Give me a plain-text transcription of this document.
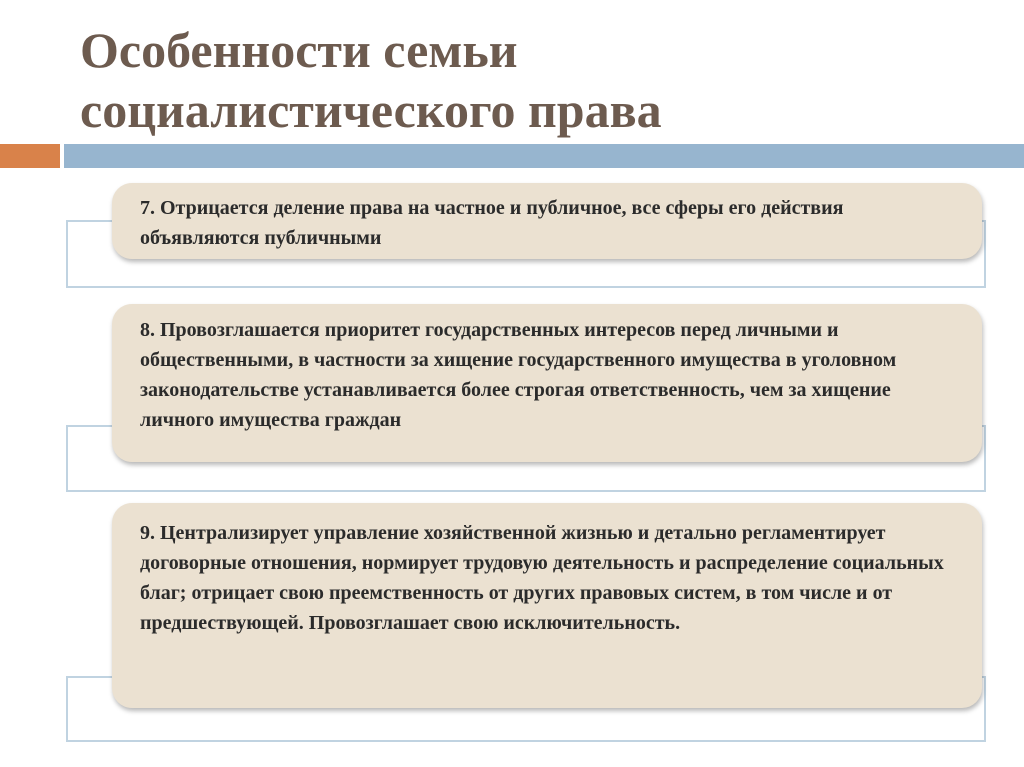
Особенности семьи
социалистического права
7. Отрицается деление права на частное и публичное, все сферы его действия объявляются публичными
8. Провозглашается приоритет государственных интересов перед личными и общественными, в частности за хищение государственного имущества в уголовном законодательстве устанавливается более строгая ответственность, чем за хищение личного имущества граждан
9. Централизирует управление хозяйственной жизнью и детально регламентирует договорные отношения, нормирует трудовую деятельность и распределение социальных благ; отрицает свою преемственность от других правовых систем, в том числе и от предшествующей. Провозглашает свою исключительность.
